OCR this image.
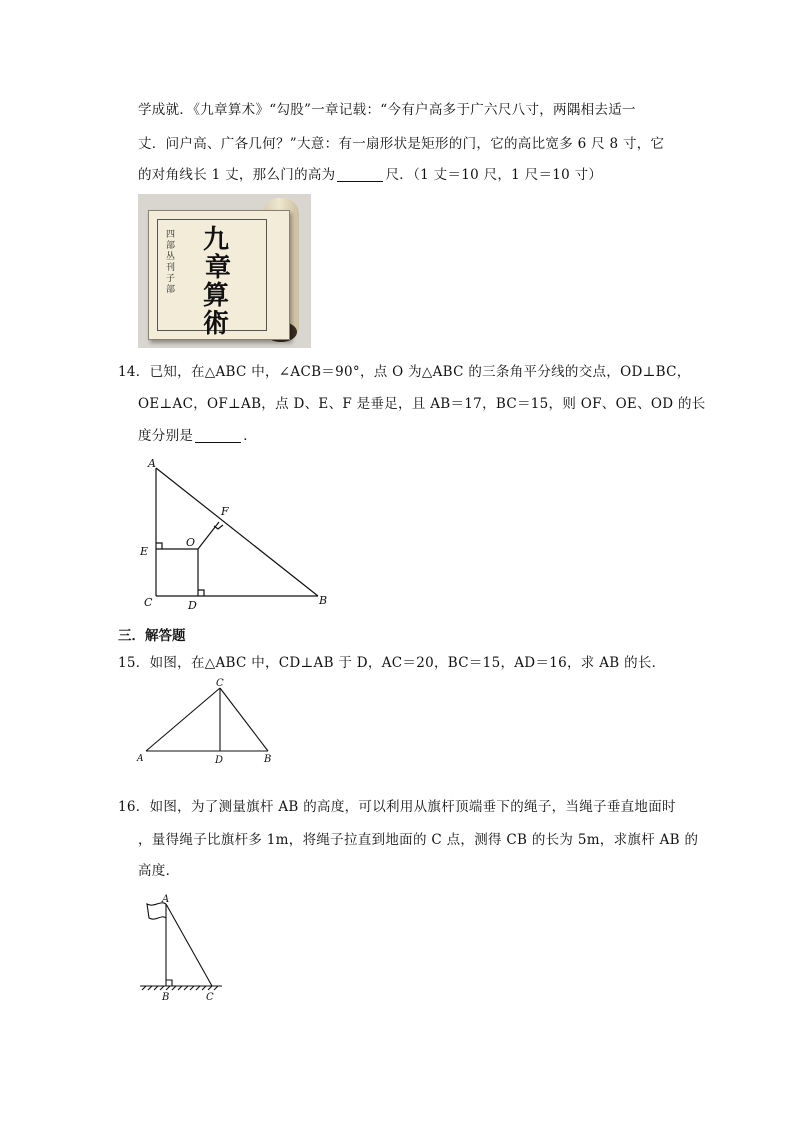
学成就．《九章算术》“勾股”一章记载：“今有户高多于广六尺八寸，两隅相去适一
丈．问户高、广各几何？”大意：有一扇形状是矩形的门，它的高比宽多 6 尺 8 寸，它
的对角线长 1 丈，那么门的高为	尺．（1 丈＝10 尺，1 尺＝10 寸）
四部丛刊子部 九
章
算
術
14．已知，在△ABC 中，∠ACB＝90°，点 O 为△ABC 的三条角平分线的交点，OD⊥BC，
OE⊥AC，OF⊥AB，点 D、E、F 是垂足，且 AB＝17，BC＝15，则 OF、OE、OD 的长
度分别是	．
A
F
O
E
C	D	B
三．解答题
15．如图，在△ABC 中，CD⊥AB 于 D，AC＝20，BC＝15，AD＝16，求 AB 的长．
C
A	D	B
16．如图，为了测量旗杆 AB 的高度，可以利用从旗杆顶端垂下的绳子，当绳子垂直地面时
，量得绳子比旗杆多 1m，将绳子拉直到地面的 C 点，测得 CB 的长为 5m，求旗杆 AB 的
高度．
A
B	C
